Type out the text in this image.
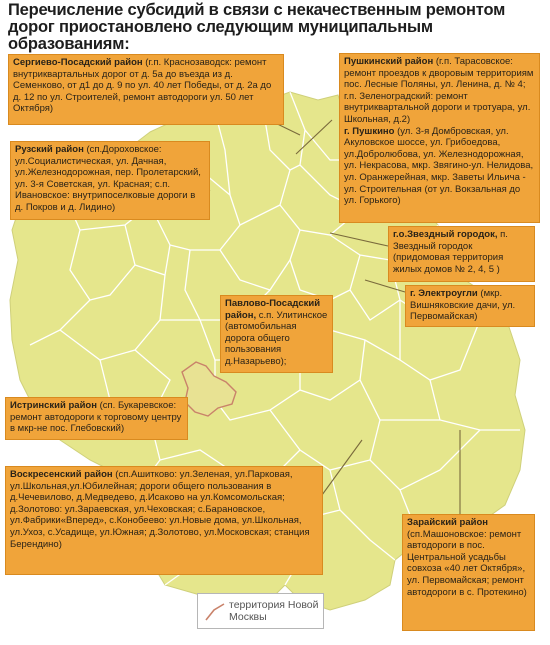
Перечисление субсидий в связи с некачественным ремонтом дорог приостановлено следующим муниципальным образованиям:
Сергиево-Посадский район (г.п. Краснозаводск: ремонт внутриквартальных дорог от д. 5а до въезда из д. Семенково, от д1 до д. 9 по ул. 40 лет Победы, от д. 2а до д. 12 по ул. Строителей, ремонт автодороги ул. 50 лет Октября)
Пушкинский район (г.п. Тарасовское: ремонт проездов к дворовым территориям пос. Лесные Поляны, ул. Ленина, д. № 4; г.п. Зеленоградский: ремонт внутриквартальной дороги и тротуара, ул. Школьная, д.2)
г. Пушкино (ул. 3-я Домбровская, ул. Акуловское шоссе, ул. Грибоедова, ул.Добролюбова, ул. Железнодорожная, ул. Некрасова, мкр. Звягино-ул. Нелидова, ул. Оранжерейная, мкр. Заветы Ильича - ул. Строительная (от ул. Вокзальная до ул. Горького)
Рузский район (сп.Дороховское: ул.Социалистическая, ул. Дачная, ул.Железнодорожная, пер. Пролетарский, ул. 3-я Советская, ул. Красная; с.п. Ивановское: внутрипоселковые дороги в д. Покров и д. Лидино)
г.о.Звездный городок, п. Звездный городок (придомовая территория жилых домов № 2, 4, 5 )
г. Электроугли (мкр. Вишняковские дачи, ул. Первомайская)
Павлово-Посадский район, с.п. Улитинское (автомобильная дорога общего пользования д.Назарьево);
Истринский район (сп. Букаревское: ремонт автодороги к торговому центру в мкр-не пос. Глебовский)
Воскресенский район (сп.Ашитково: ул.Зеленая, ул.Парковая, ул.Школьная,ул.Юбилейная; дороги общего пользования в д.Чечевилово, д.Медведево, д.Исаково на ул.Комсомольская; д.Золотово: ул.Зараевская, ул.Чеховская; с.Барановское, ул.Фабрики«Вперед», с.Конобеево: ул.Новые дома, ул.Школьная, ул.Ухоз, с.Усадище, ул.Южная; д.Золотово, ул.Московская; станция Берендино)
Зарайский район (сп.Машоновское: ремонт автодороги в пос. Центральной усадьбы совхоза «40 лет Октября», ул. Первомайская; ремонт автодороги в с. Протекино)
территория Новой Москвы
